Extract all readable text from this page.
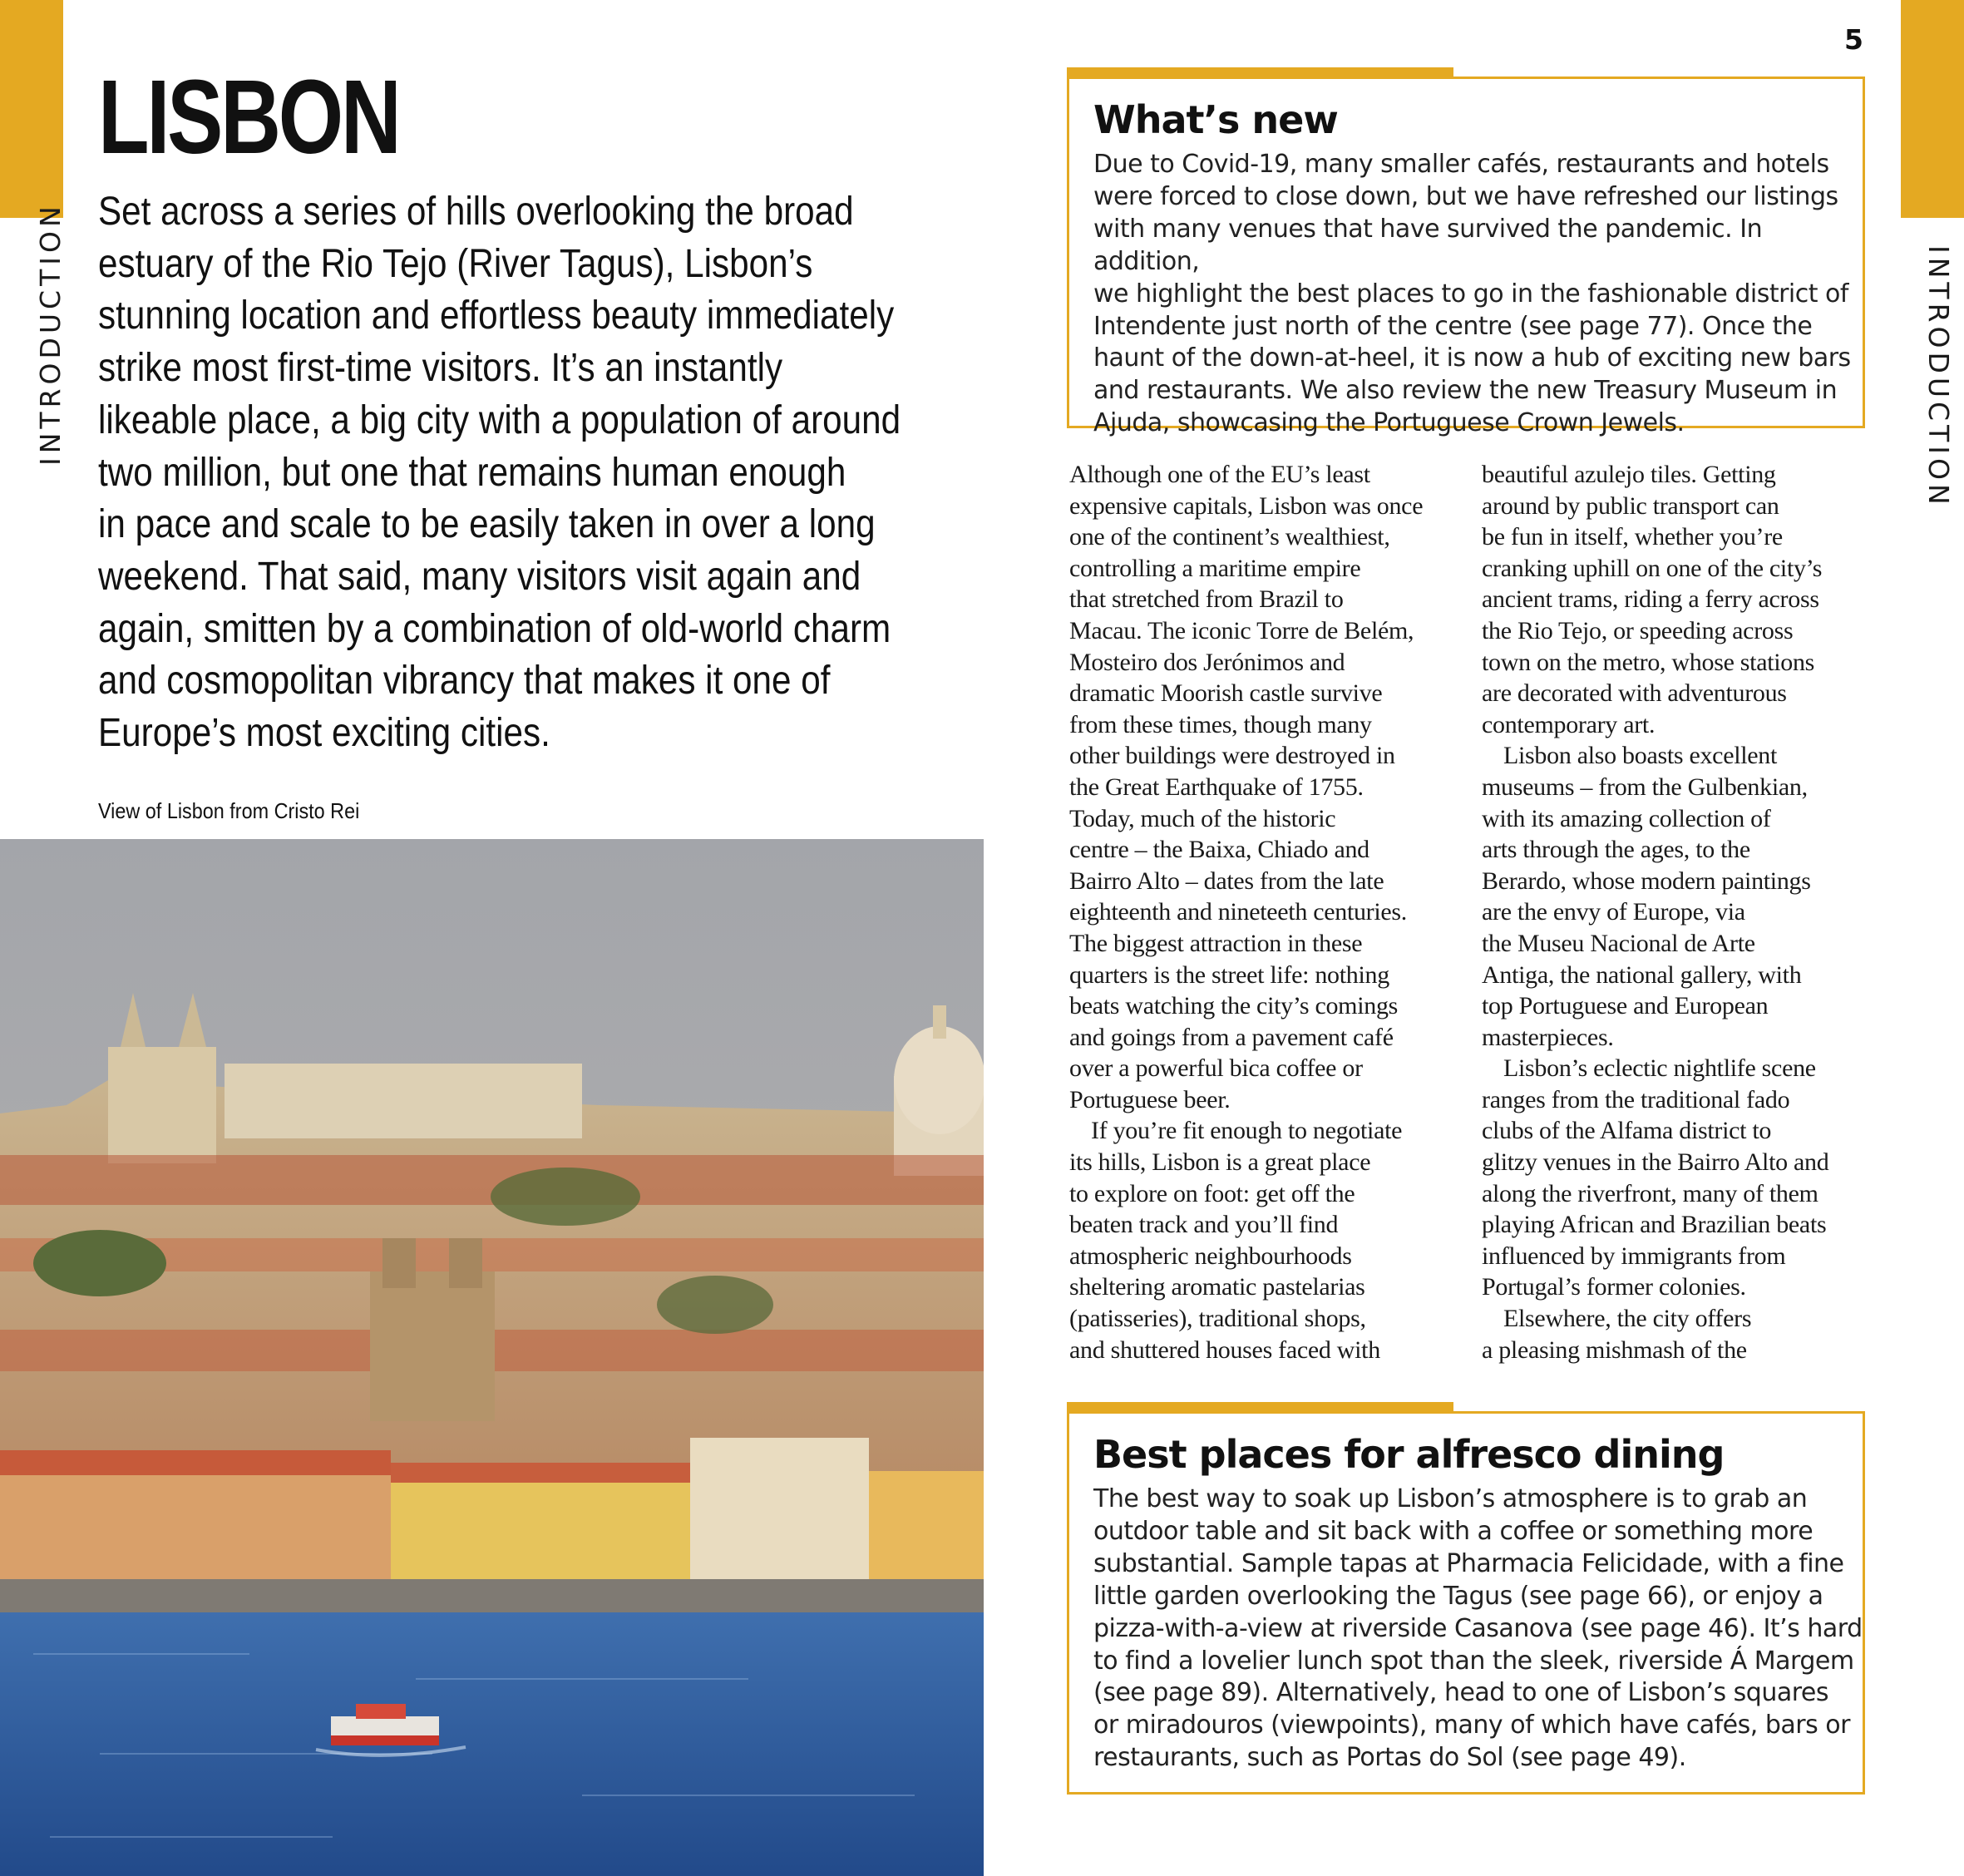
INTRODUCTION	INTRODUCTION
5
LISBON
Set across a series of hills overlooking the broad
estuary of the Rio Tejo (River Tagus), Lisbon’s
stunning location and effortless beauty immediately
strike most first-time visitors. It’s an instantly
likeable place, a big city with a population of around
two million, but one that remains human enough
in pace and scale to be easily taken in over a long
weekend. That said, many visitors visit again and
again, smitten by a combination of old-world charm
and cosmopolitan vibrancy that makes it one of
Europe’s most exciting cities.
View of Lisbon from Cristo Rei
What’s new

Due to Covid-19, many smaller cafés, restaurants and hotels
were forced to close down, but we have refreshed our listings
with many venues that have survived the pandemic. In addition,
we highlight the best places to go in the fashionable district of
Intendente just north of the centre (see page 77). Once the
haunt of the down-at-heel, it is now a hub of exciting new bars
and restaurants. We also review the new Treasury Museum in
Ajuda, showcasing the Portuguese Crown Jewels.

Although one of the EU’s least
expensive capitals, Lisbon was once
one of the continent’s wealthiest,
controlling a maritime empire
that stretched from Brazil to
Macau. The iconic Torre de Belém,
Mosteiro dos Jerónimos and
dramatic Moorish castle survive
from these times, though many
other buildings were destroyed in
the Great Earthquake of 1755.
Today, much of the historic
centre – the Baixa, Chiado and
Bairro Alto – dates from the late
eighteenth and nineteeth centuries.
The biggest attraction in these
quarters is the street life: nothing
beats watching the city’s comings
and goings from a pavement café
over a powerful bica coffee or
Portuguese beer.
If you’re fit enough to negotiate
its hills, Lisbon is a great place
to explore on foot: get off the
beaten track and you’ll find
atmospheric neighbourhoods
sheltering aromatic pastelarias
(patisseries), traditional shops,
and shuttered houses faced with
beautiful azulejo tiles. Getting
around by public transport can
be fun in itself, whether you’re
cranking uphill on one of the city’s
ancient trams, riding a ferry across
the Rio Tejo, or speeding across
town on the metro, whose stations
are decorated with adventurous
contemporary art.
Lisbon also boasts excellent
museums – from the Gulbenkian,
with its amazing collection of
arts through the ages, to the
Berardo, whose modern paintings
are the envy of Europe, via
the Museu Nacional de Arte
Antiga, the national gallery, with
top Portuguese and European
masterpieces.
Lisbon’s eclectic nightlife scene
ranges from the traditional fado
clubs of the Alfama district to
glitzy venues in the Bairro Alto and
along the riverfront, many of them
playing African and Brazilian beats
influenced by immigrants from
Portugal’s former colonies.
Elsewhere, the city offers
a pleasing mishmash of the
Best places for alfresco dining

The best way to soak up Lisbon’s atmosphere is to grab an
outdoor table and sit back with a coffee or something more
substantial. Sample tapas at Pharmacia Felicidade, with a fine
little garden overlooking the Tagus (see page 66), or enjoy a
pizza-with-a-view at riverside Casanova (see page 46). It’s hard
to find a lovelier lunch spot than the sleek, riverside Á Margem
(see page 89). Alternatively, head to one of Lisbon’s squares
or miradouros (viewpoints), many of which have cafés, bars or
restaurants, such as Portas do Sol (see page 49).
